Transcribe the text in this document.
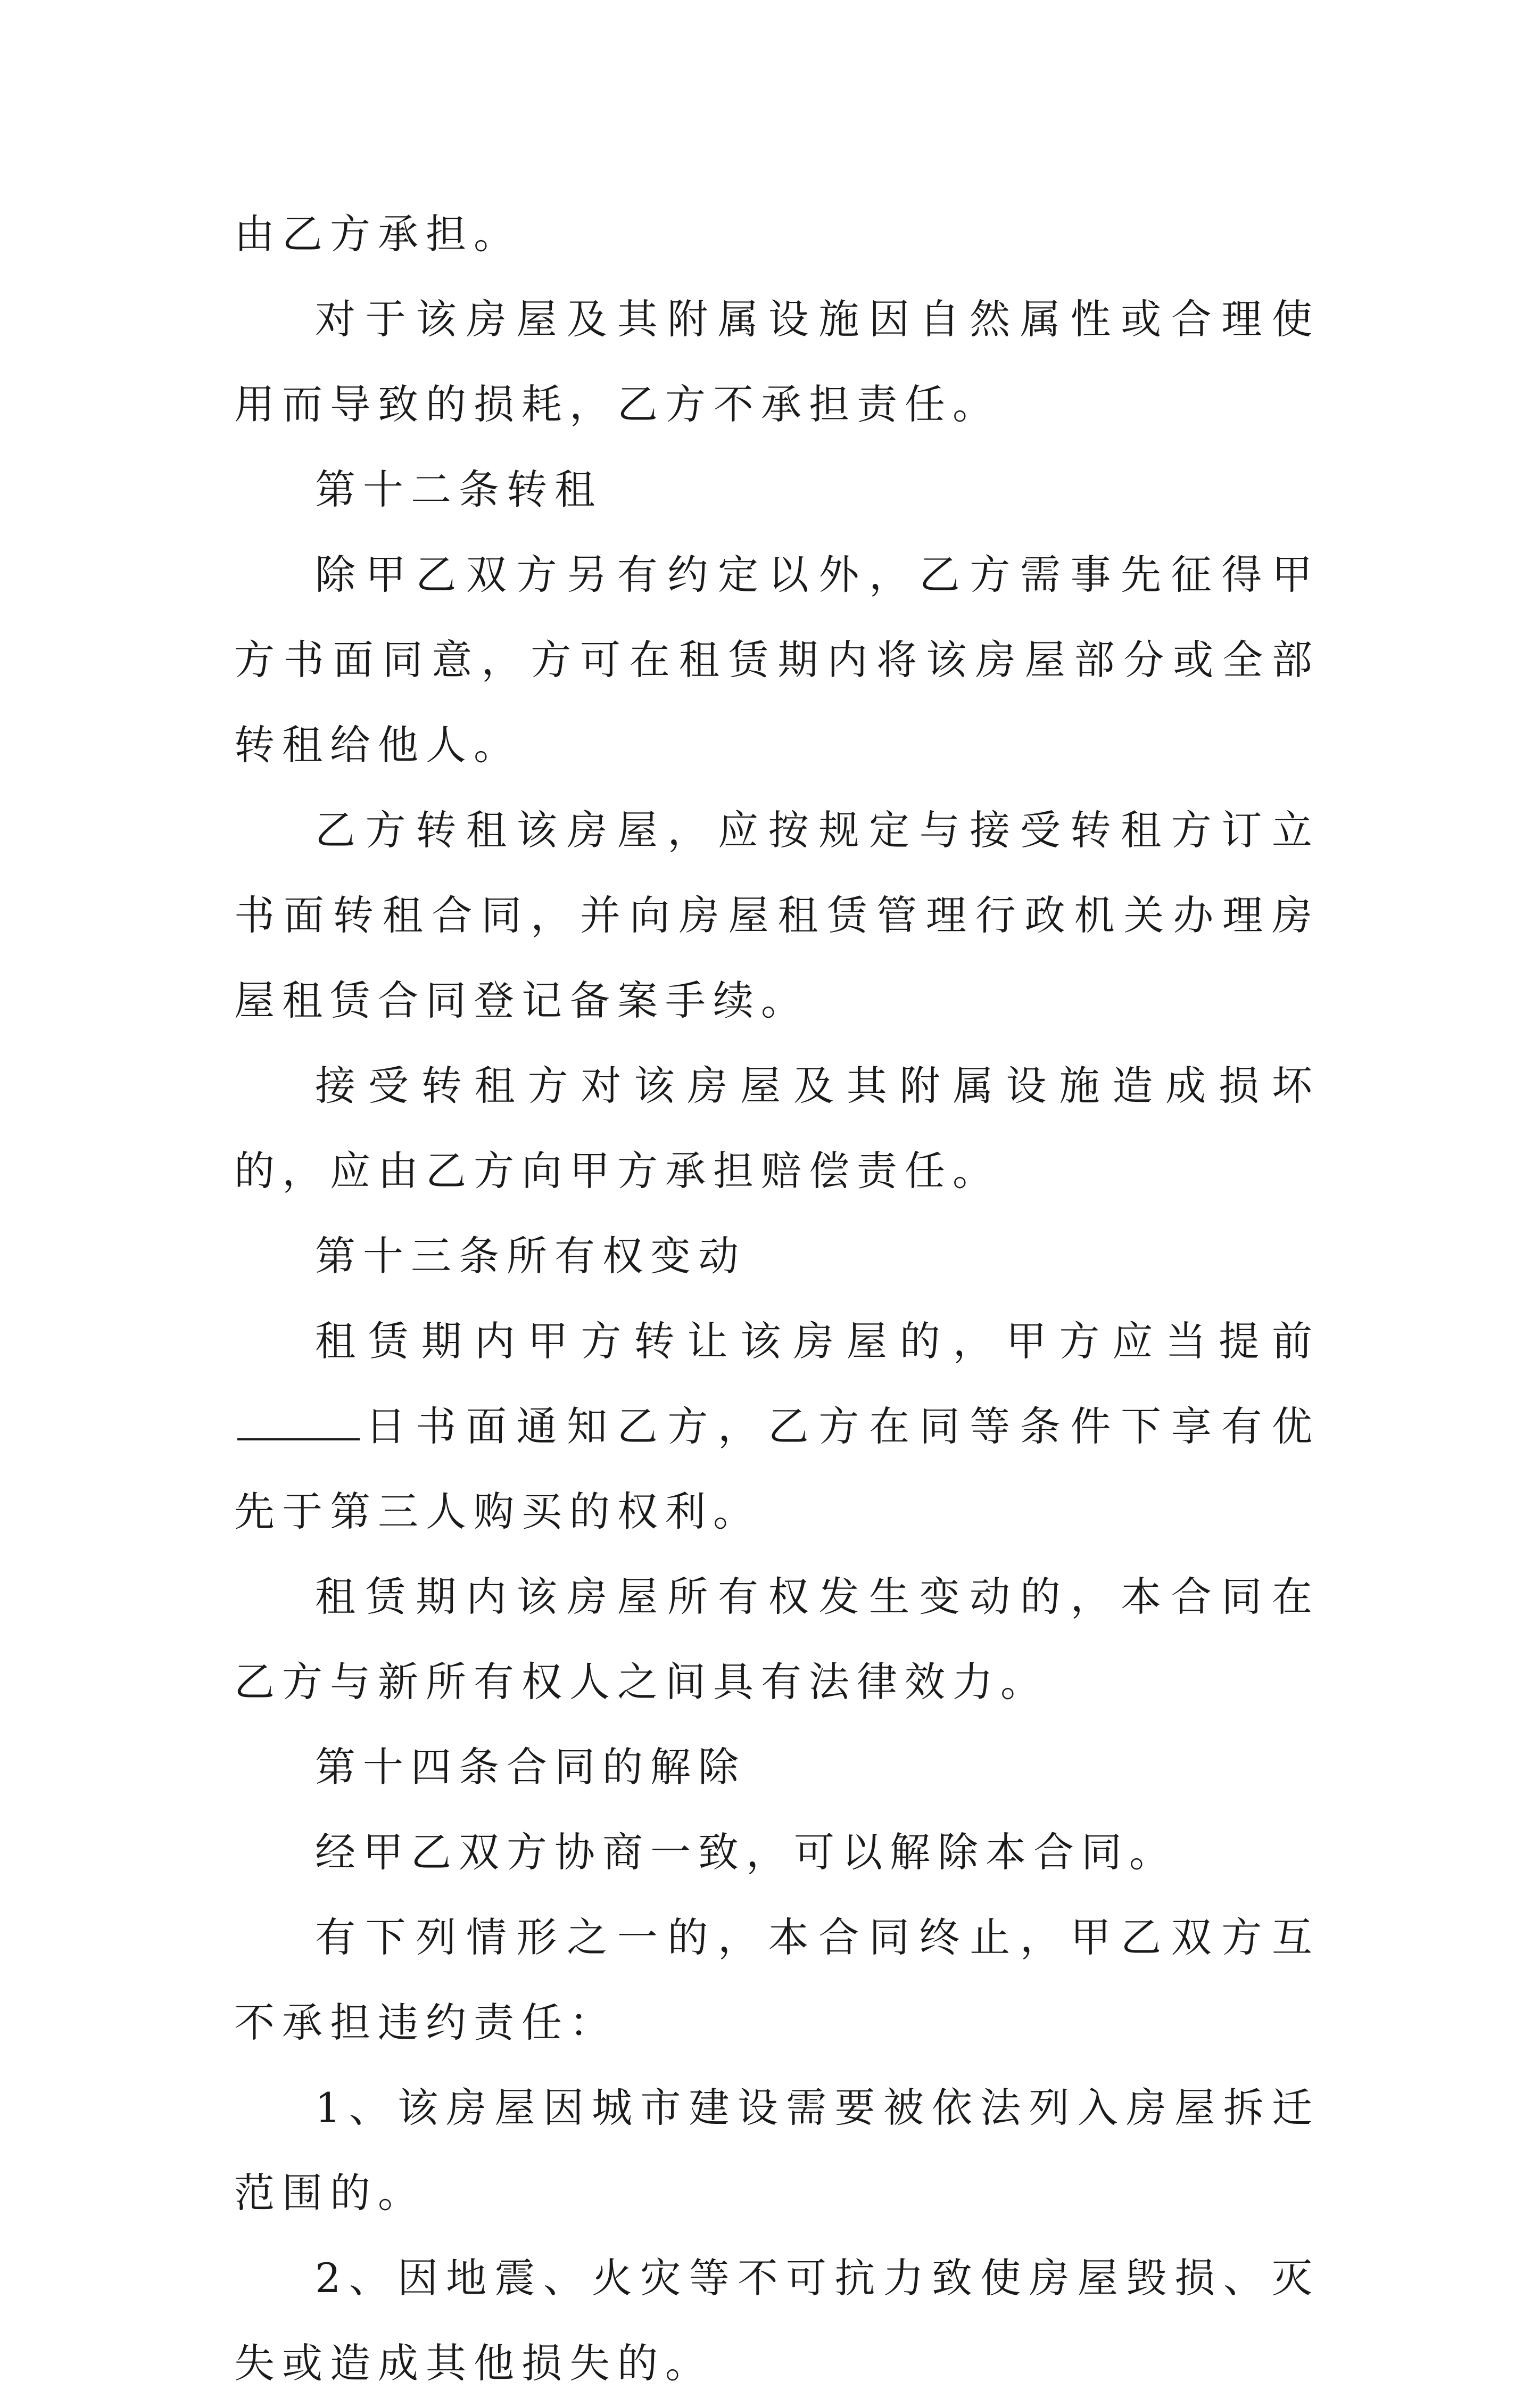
由乙方承担。

对于该房屋及其附属设施因自然属性或合理使用而导致的损耗，乙方不承担责任。

第十二条转租

除甲乙双方另有约定以外，乙方需事先征得甲方书面同意，方可在租赁期内将该房屋部分或全部转租给他人。

乙方转租该房屋，应按规定与接受转租方订立书面转租合同，并向房屋租赁管理行政机关办理房屋租赁合同登记备案手续。

接受转租方对该房屋及其附属设施造成损坏的，应由乙方向甲方承担赔偿责任。

第十三条所有权变动

租赁期内甲方转让该房屋的，甲方应当提前日书面通知乙方，乙方在同等条件下享有优先于第三人购买的权利。

租赁期内该房屋所有权发生变动的，本合同在乙方与新所有权人之间具有法律效力。

第十四条合同的解除

经甲乙双方协商一致，可以解除本合同。

有下列情形之一的，本合同终止，甲乙双方互不承担违约责任：

1、该房屋因城市建设需要被依法列入房屋拆迁范围的。

2、因地震、火灾等不可抗力致使房屋毁损、灭失或造成其他损失的。
